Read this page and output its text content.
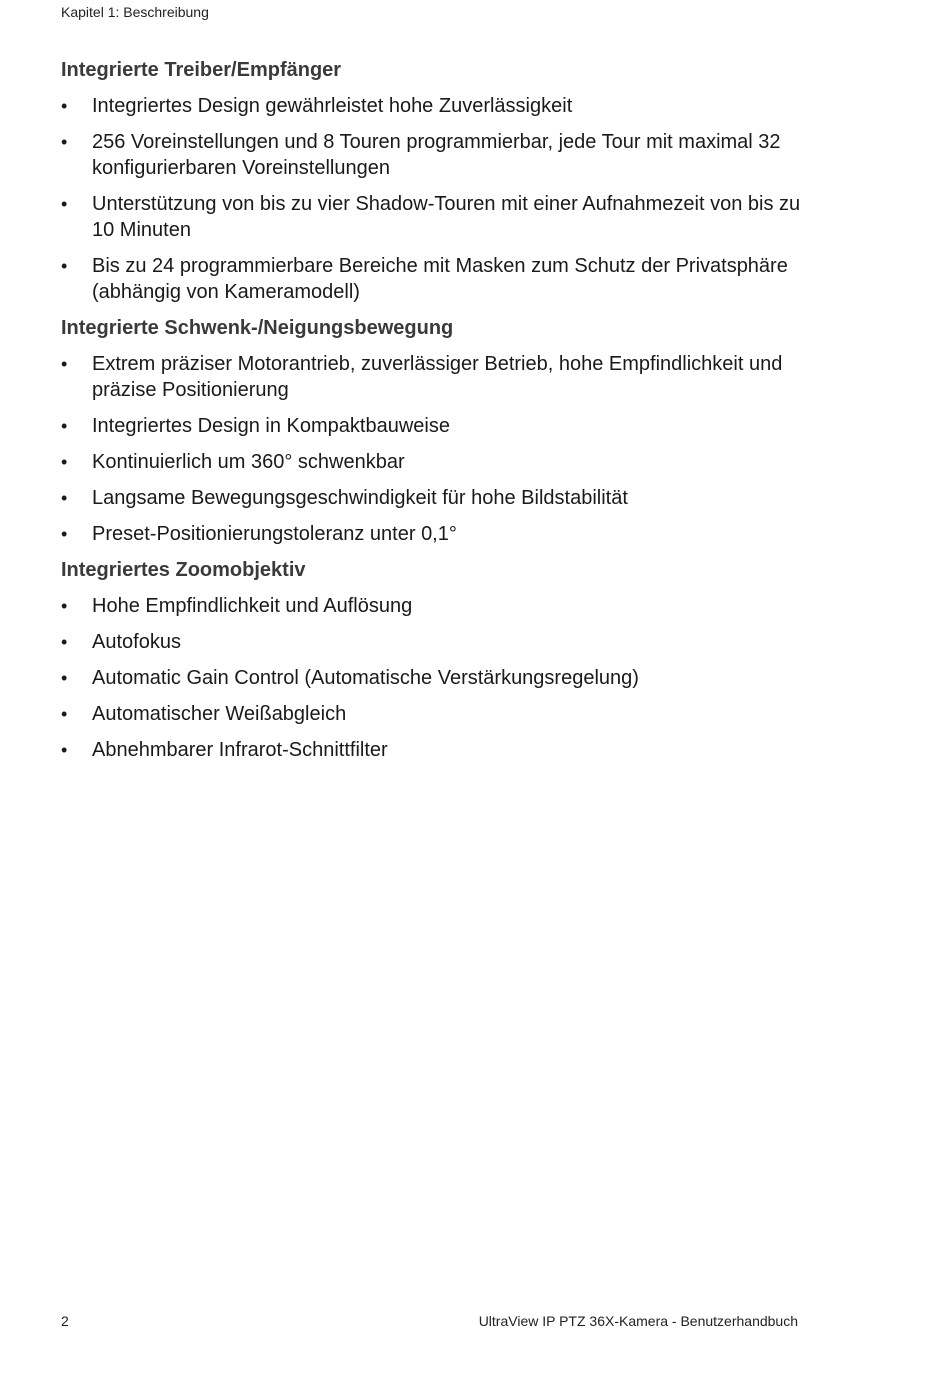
Kapitel 1: Beschreibung
Integrierte Treiber/Empfänger
• Integriertes Design gewährleistet hohe Zuverlässigkeit
• 256 Voreinstellungen und 8 Touren programmierbar, jede Tour mit maximal 32 konfigurierbaren Voreinstellungen
• Unterstützung von bis zu vier Shadow-Touren mit einer Aufnahmezeit von bis zu 10 Minuten
• Bis zu 24 programmierbare Bereiche mit Masken zum Schutz der Privatsphäre (abhängig von Kameramodell)
Integrierte Schwenk-/Neigungsbewegung
• Extrem präziser Motorantrieb, zuverlässiger Betrieb, hohe Empfindlichkeit und präzise Positionierung
• Integriertes Design in Kompaktbauweise
• Kontinuierlich um 360° schwenkbar
• Langsame Bewegungsgeschwindigkeit für hohe Bildstabilität
• Preset-Positionierungstoleranz unter 0,1°
Integriertes Zoomobjektiv
• Hohe Empfindlichkeit und Auflösung
• Autofokus
• Automatic Gain Control (Automatische Verstärkungsregelung)
• Automatischer Weißabgleich
• Abnehmbarer Infrarot-Schnittfilter
2	UltraView IP PTZ 36X-Kamera - Benutzerhandbuch
